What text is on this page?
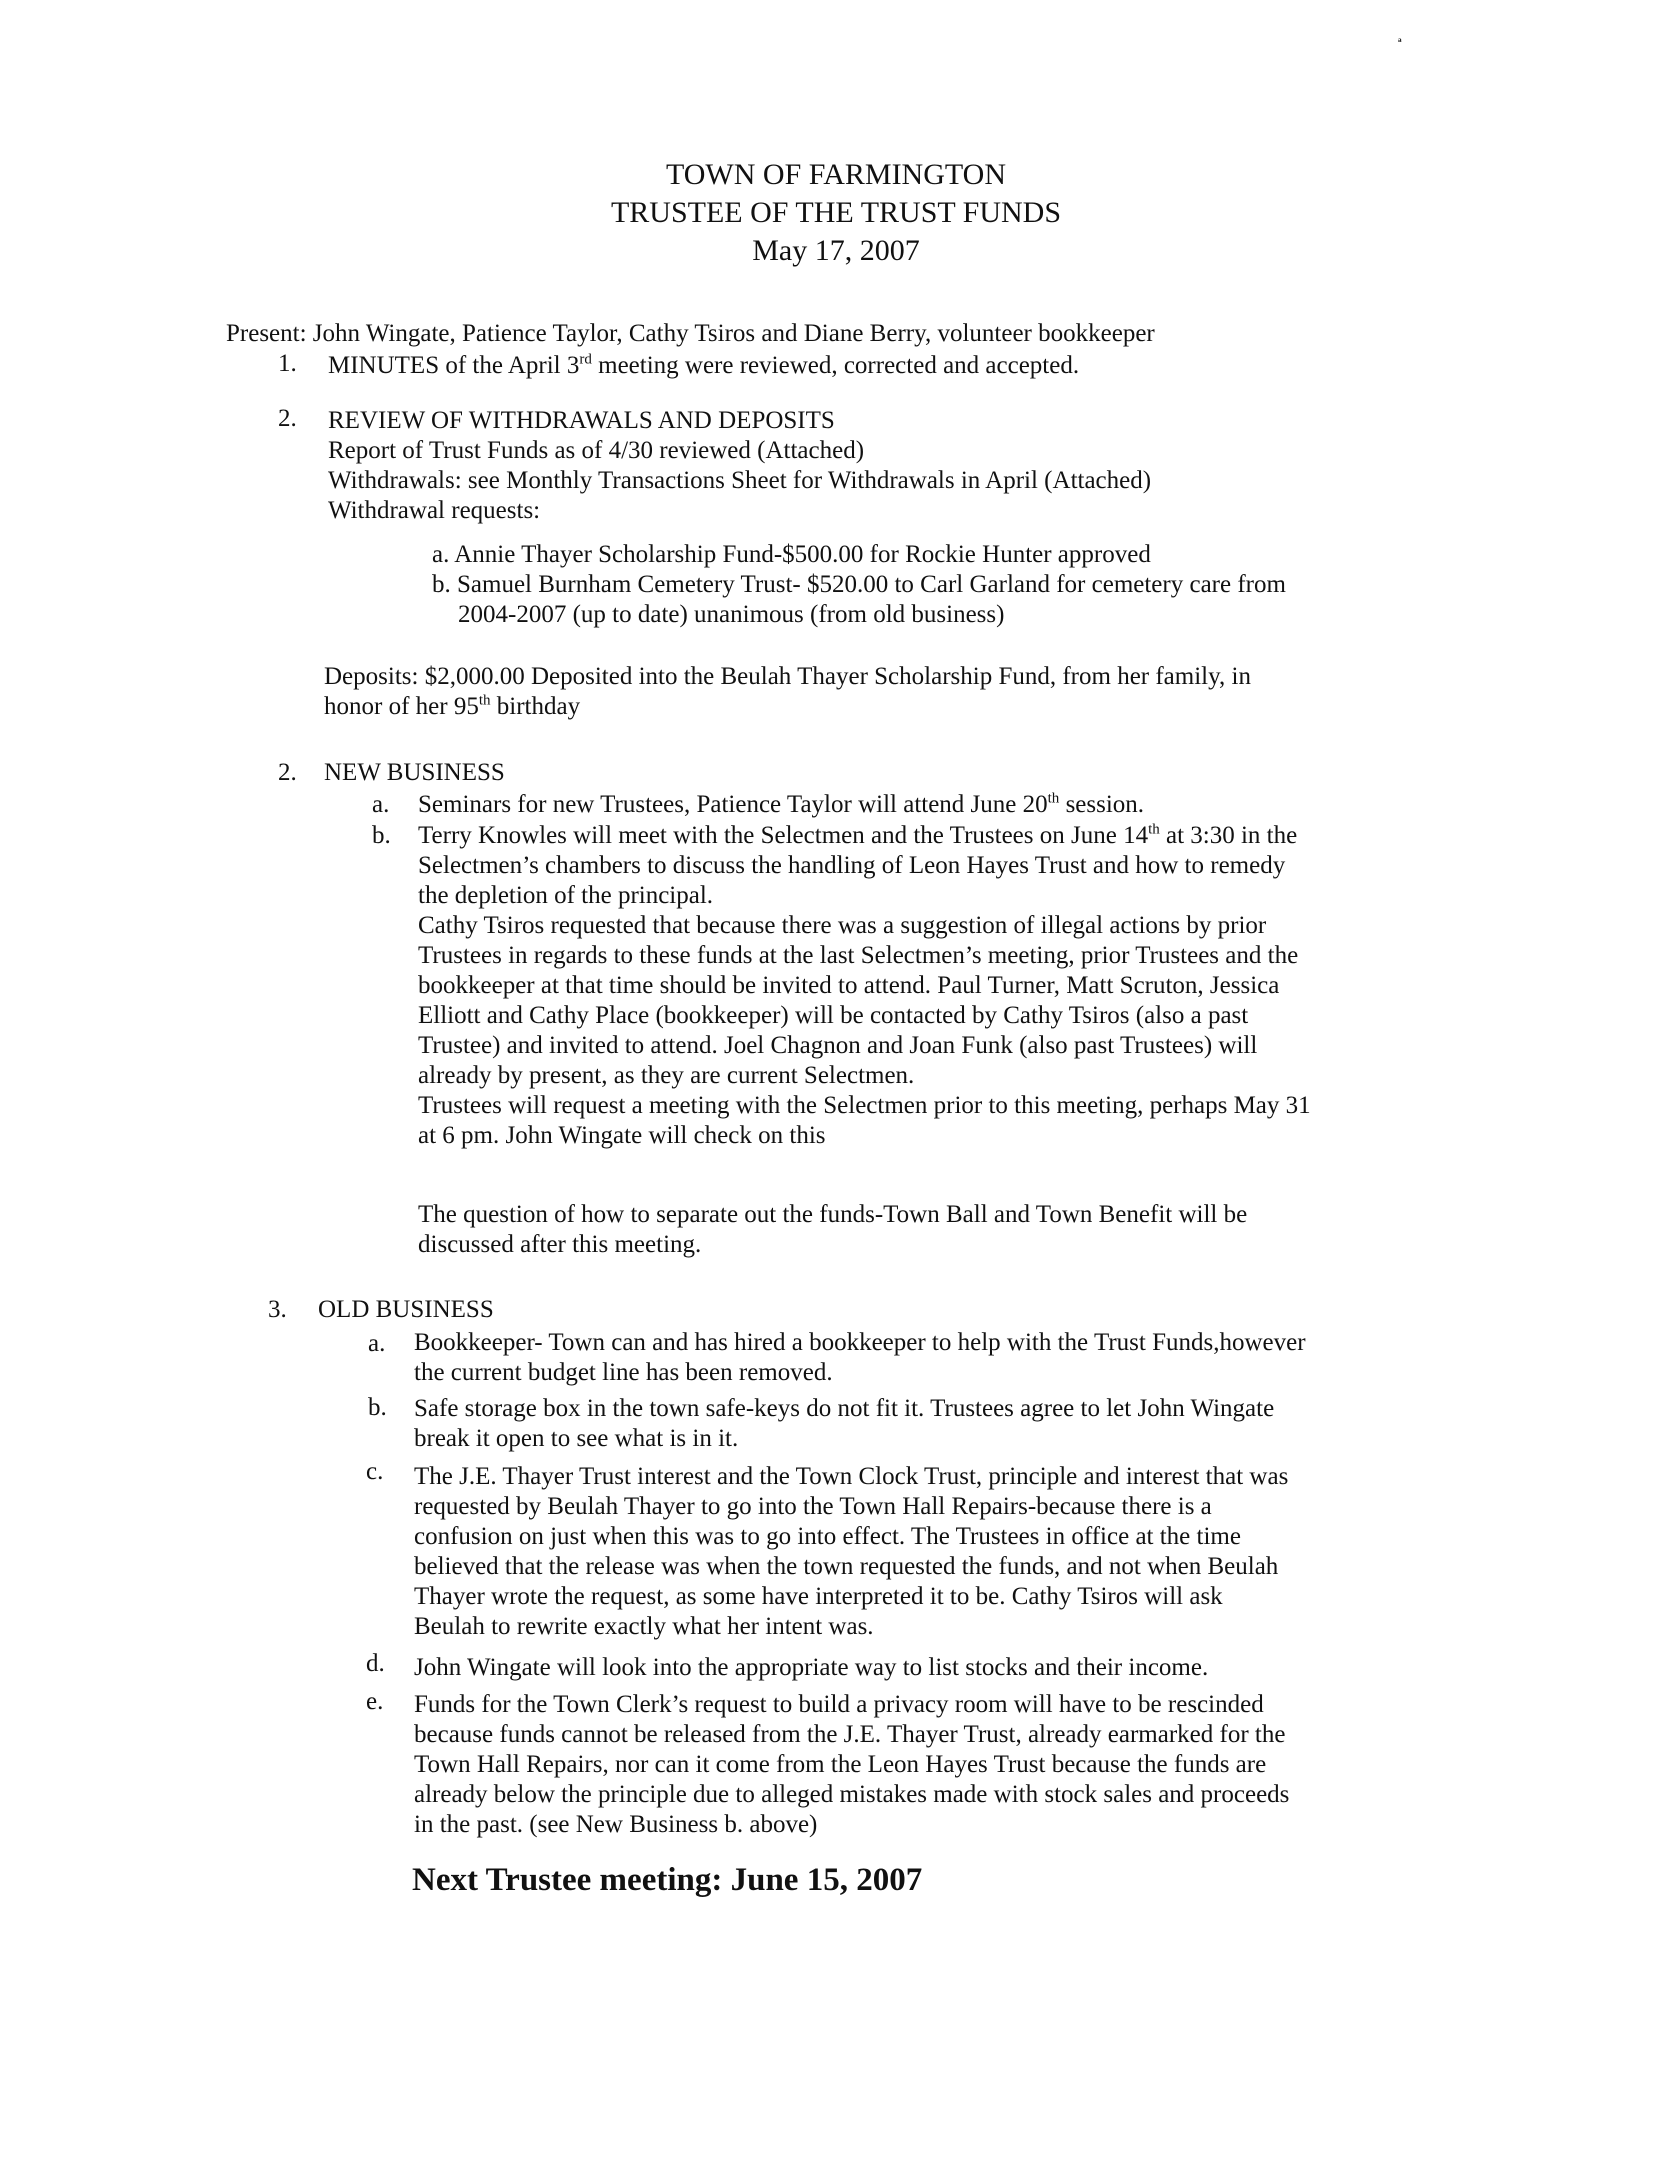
ª
TOWN OF FARMINGTON
TRUSTEE OF THE TRUST FUNDS
May 17, 2007
Present: John Wingate, Patience Taylor, Cathy Tsiros and Diane Berry, volunteer bookkeeper
1. MINUTES of the April 3rd meeting were reviewed, corrected and accepted.
2. REVIEW OF WITHDRAWALS AND DEPOSITS
Report of Trust Funds as of 4/30 reviewed (Attached)
Withdrawals: see Monthly Transactions Sheet for Withdrawals in April (Attached)
Withdrawal requests:
a. Annie Thayer Scholarship Fund-$500.00 for Rockie Hunter approved
b. Samuel Burnham Cemetery Trust- $520.00 to Carl Garland for cemetery care from
2004-2007 (up to date) unanimous (from old business)
Deposits: $2,000.00 Deposited into the Beulah Thayer Scholarship Fund, from her family, in
honor of her 95th birthday
2. NEW BUSINESS
a. Seminars for new Trustees, Patience Taylor will attend June 20th session.
b. Terry Knowles will meet with the Selectmen and the Trustees on June 14th at 3:30 in the
Selectmen’s chambers to discuss the handling of Leon Hayes Trust and how to remedy
the depletion of the principal.
Cathy Tsiros requested that because there was a suggestion of illegal actions by prior
Trustees in regards to these funds at the last Selectmen’s meeting, prior Trustees and the
bookkeeper at that time should be invited to attend. Paul Turner, Matt Scruton, Jessica
Elliott and Cathy Place (bookkeeper) will be contacted by Cathy Tsiros (also a past
Trustee) and invited to attend. Joel Chagnon and Joan Funk (also past Trustees) will
already by present, as they are current Selectmen.
Trustees will request a meeting with the Selectmen prior to this meeting, perhaps May 31
at 6 pm. John Wingate will check on this
The question of how to separate out the funds-Town Ball and Town Benefit will be
discussed after this meeting.
3. OLD BUSINESS
a. Bookkeeper- Town can and has hired a bookkeeper to help with the Trust Funds,however
the current budget line has been removed.
b. Safe storage box in the town safe-keys do not fit it. Trustees agree to let John Wingate
break it open to see what is in it.
c. The J.E. Thayer Trust interest and the Town Clock Trust, principle and interest that was
requested by Beulah Thayer to go into the Town Hall Repairs-because there is a
confusion on just when this was to go into effect. The Trustees in office at the time
believed that the release was when the town requested the funds, and not when Beulah
Thayer wrote the request, as some have interpreted it to be. Cathy Tsiros will ask
Beulah to rewrite exactly what her intent was.
d. John Wingate will look into the appropriate way to list stocks and their income.
e. Funds for the Town Clerk’s request to build a privacy room will have to be rescinded
because funds cannot be released from the J.E. Thayer Trust, already earmarked for the
Town Hall Repairs, nor can it come from the Leon Hayes Trust because the funds are
already below the principle due to alleged mistakes made with stock sales and proceeds
in the past. (see New Business b. above)
Next Trustee meeting: June 15, 2007
